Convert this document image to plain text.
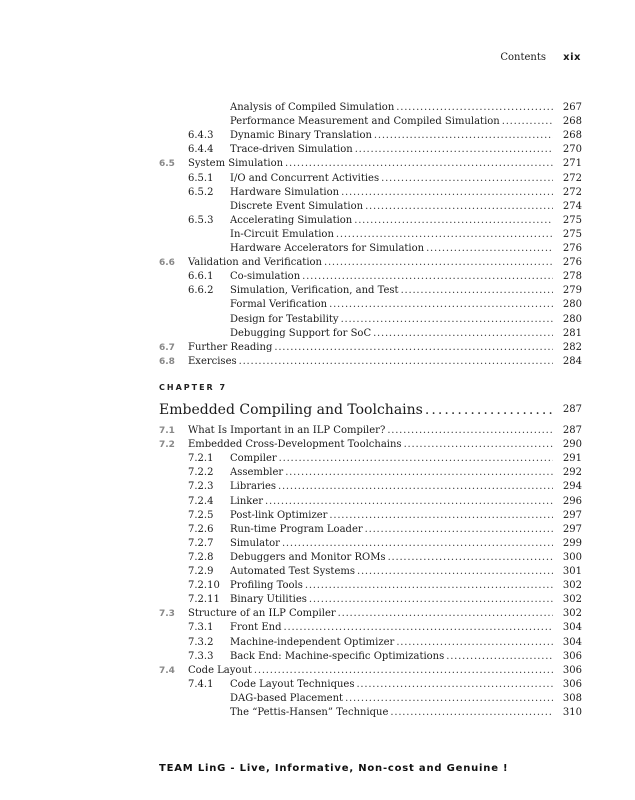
Contents xix
Analysis of Compiled Simulation . . .	267
Performance Measurement and Compiled Simulation . . .	268
6.4.3	Dynamic Binary Translation . . .	268
6.4.4	Trace-driven Simulation . . .	270
6.5	System Simulation . . .	271
6.5.1	I/O and Concurrent Activities . . .	272
6.5.2	Hardware Simulation . . .	272
Discrete Event Simulation . . .	274
6.5.3	Accelerating Simulation . . .	275
In-Circuit Emulation . . .	275
Hardware Accelerators for Simulation . . .	276
6.6	Validation and Verification . . .	276
6.6.1	Co-simulation . . .	278
6.6.2	Simulation, Verification, and Test . . .	279
Formal Verification . . .	280
Design for Testability . . .	280
Debugging Support for SoC . . .	281
6.7	Further Reading . . .	282
6.8	Exercises . . .	284
CHAPTER 7
Embedded Compiling and Toolchains . . .	287
7.1	What Is Important in an ILP Compiler? . . .	287
7.2	Embedded Cross-Development Toolchains . . .	290
7.2.1	Compiler . . .	291
7.2.2	Assembler . . .	292
7.2.3	Libraries . . .	294
7.2.4	Linker . . .	296
7.2.5	Post-link Optimizer . . .	297
7.2.6	Run-time Program Loader . . .	297
7.2.7	Simulator . . .	299
7.2.8	Debuggers and Monitor ROMs . . .	300
7.2.9	Automated Test Systems . . .	301
7.2.10	Profiling Tools . . .	302
7.2.11	Binary Utilities . . .	302
7.3	Structure of an ILP Compiler . . .	302
7.3.1	Front End . . .	304
7.3.2	Machine-independent Optimizer . . .	304
7.3.3	Back End: Machine-specific Optimizations . . .	306
7.4	Code Layout . . .	306
7.4.1	Code Layout Techniques . . .	306
DAG-based Placement . . .	308
The “Pettis-Hansen” Technique . . .	310
TEAM LinG - Live, Informative, Non-cost and Genuine !
